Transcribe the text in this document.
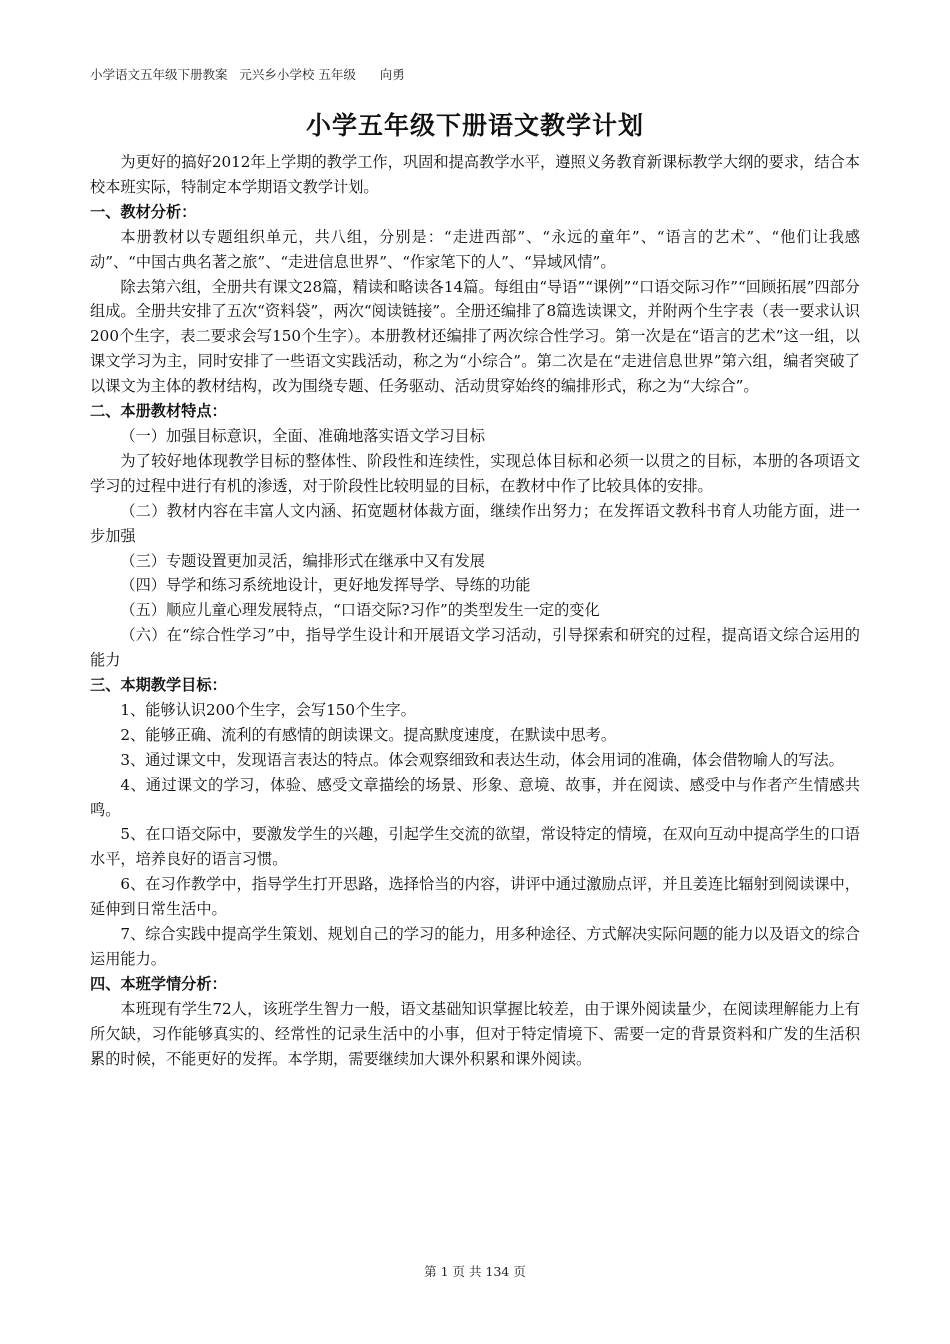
小学语文五年级下册教案   元兴乡小学校 五年级      向勇
小学五年级下册语文教学计划

为更好的搞好2012年上学期的教学工作，巩固和提高教学水平，遵照义务教育新课标教学大纲的要求，结合本校本班实际，特制定本学期语文教学计划。

一、教材分析：

本册教材以专题组织单元，共八组，分别是：“走进西部”、“永远的童年”、“语言的艺术”、“他们让我感动”、“中国古典名著之旅”、“走进信息世界”、“作家笔下的人”、“异域风情”。

除去第六组，全册共有课文28篇，精读和略读各14篇。每组由“导语”“课例”“口语交际习作”“回顾拓展”四部分组成。全册共安排了五次“资料袋”，两次“阅读链接”。全册还编排了8篇选读课文，并附两个生字表（表一要求认识200个生字，表二要求会写150个生字）。本册教材还编排了两次综合性学习。第一次是在“语言的艺术”这一组，以课文学习为主，同时安排了一些语文实践活动，称之为“小综合”。第二次是在“走进信息世界”第六组，编者突破了以课文为主体的教材结构，改为围绕专题、任务驱动、活动贯穿始终的编排形式，称之为“大综合”。

二、本册教材特点：

（一）加强目标意识，全面、准确地落实语文学习目标

为了较好地体现教学目标的整体性、阶段性和连续性，实现总体目标和必须一以贯之的目标，本册的各项语文学习的过程中进行有机的渗透，对于阶段性比较明显的目标，在教材中作了比较具体的安排。

（二）教材内容在丰富人文内涵、拓宽题材体裁方面，继续作出努力；在发挥语文教科书育人功能方面，进一步加强

（三）专题设置更加灵活，编排形式在继承中又有发展

（四）导学和练习系统地设计，更好地发挥导学、导练的功能

（五）顺应儿童心理发展特点，“口语交际?习作”的类型发生一定的变化

（六）在“综合性学习”中，指导学生设计和开展语文学习活动，引导探索和研究的过程，提高语文综合运用的能力

三、本期教学目标：

1、能够认识200个生字，会写150个生字。

2、能够正确、流利的有感情的朗读课文。提高默度速度，在默读中思考。

3、通过课文中，发现语言表达的特点。体会观察细致和表达生动，体会用词的准确，体会借物喻人的写法。

4、通过课文的学习，体验、感受文章描绘的场景、形象、意境、故事，并在阅读、感受中与作者产生情感共鸣。

5、在口语交际中，要激发学生的兴趣，引起学生交流的欲望，常设特定的情境，在双向互动中提高学生的口语水平，培养良好的语言习惯。

6、在习作教学中，指导学生打开思路，选择恰当的内容，讲评中通过激励点评，并且姜连比辐射到阅读课中，延伸到日常生活中。

7、综合实践中提高学生策划、规划自己的学习的能力，用多种途径、方式解决实际问题的能力以及语文的综合运用能力。

四、本班学情分析：

本班现有学生72人，该班学生智力一般，语文基础知识掌握比较差，由于课外阅读量少，在阅读理解能力上有所欠缺，习作能够真实的、经常性的记录生活中的小事，但对于特定情境下、需要一定的背景资料和广发的生活积累的时候，不能更好的发挥。本学期，需要继续加大课外积累和课外阅读。

第 1 页 共 134 页
